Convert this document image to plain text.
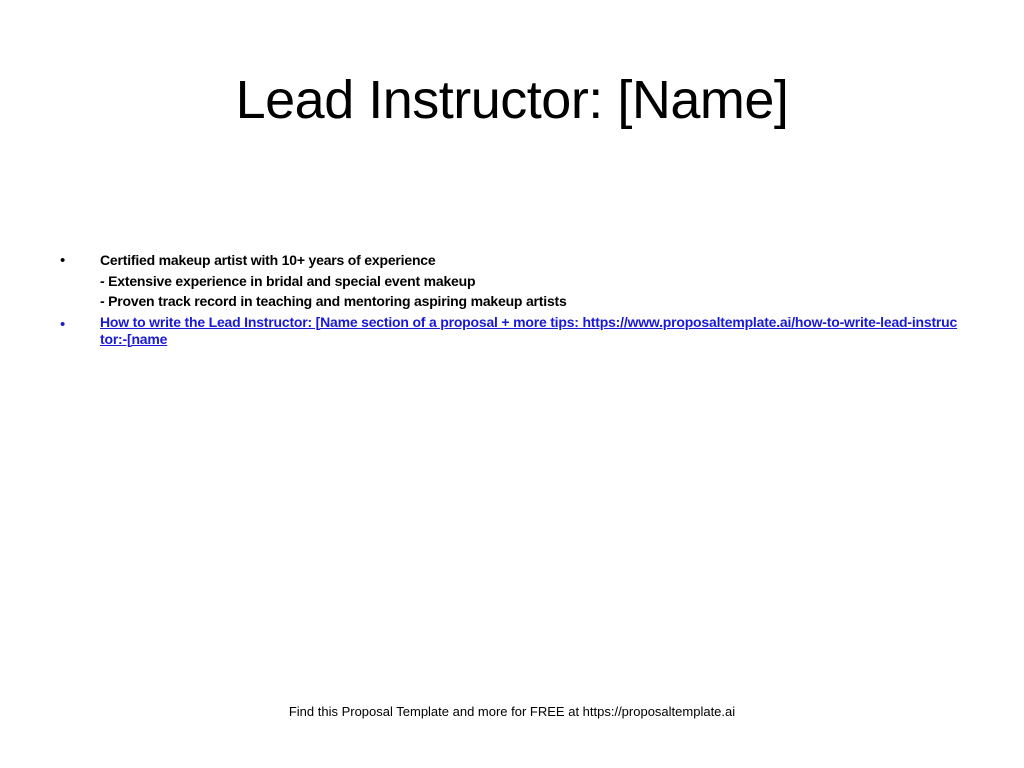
Lead Instructor: [Name]
• Certified makeup artist with 10+ years of experience
- Extensive experience in bridal and special event makeup
- Proven track record in teaching and mentoring aspiring makeup artists
• How to write the Lead Instructor: [Name section of a proposal + more tips: https://www.proposaltemplate.ai/how-to-write-lead-instructor:-[name
Find this Proposal Template and more for FREE at https://proposaltemplate.ai
